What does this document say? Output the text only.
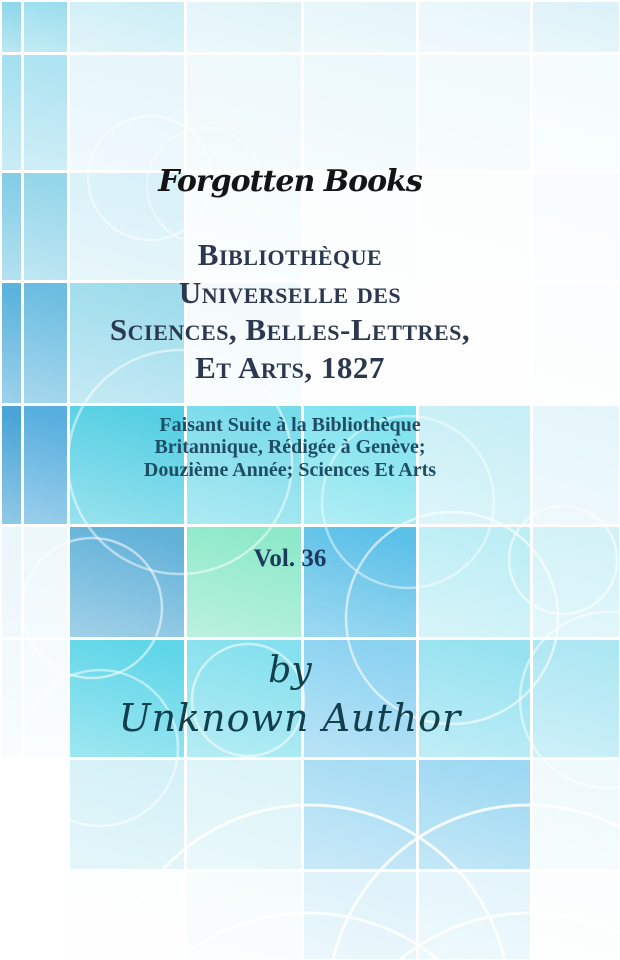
Forgotten Books
Bibliothèque
Universelle des
Sciences, Belles-Lettres,
Et Arts, 1827
Faisant Suite à la Bibliothèque
Britannique, Rédigée à Genève;
Douzième Année; Sciences Et Arts
Vol. 36
by
Unknown Author
